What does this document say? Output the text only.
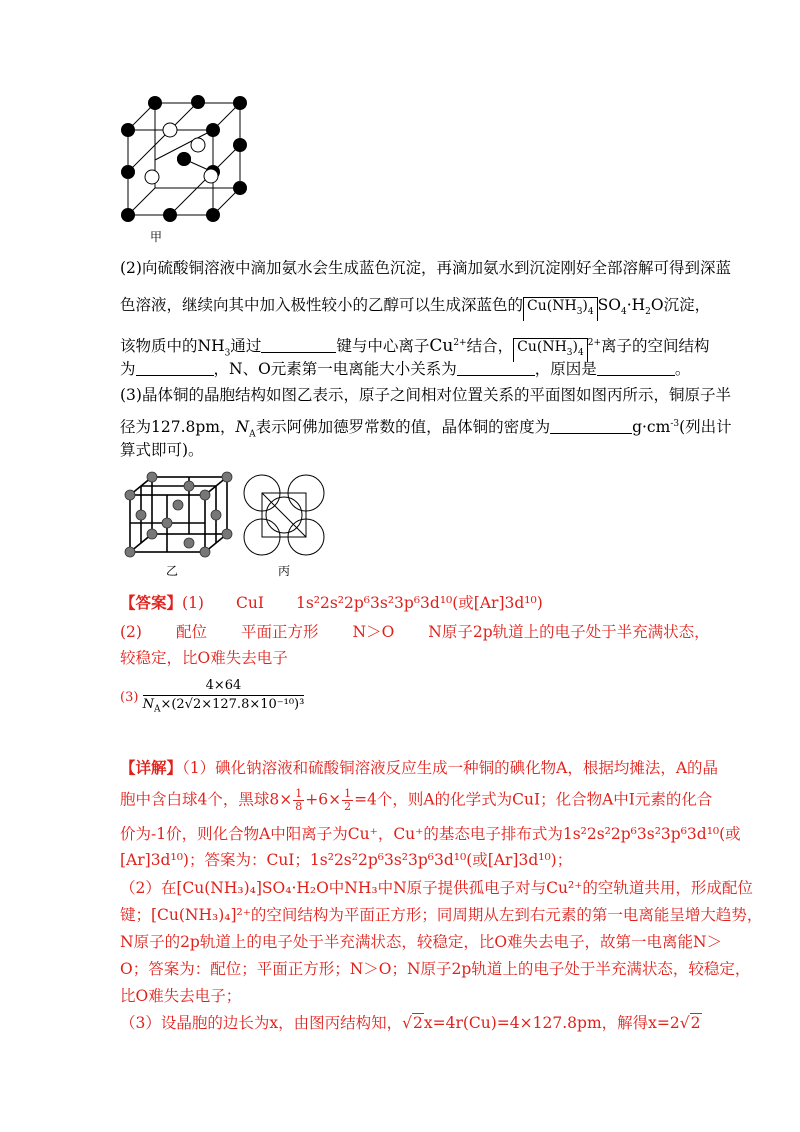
甲
(2)向硫酸铜溶液中滴加氨水会生成蓝色沉淀，再滴加氨水到沉淀刚好全部溶解可得到深蓝
色溶液，继续向其中加入极性较小的乙醇可以生成深蓝色的 $Cu(NH_3)_4$ $SO_4\cdot H_2O$沉淀，
该物质中的$NH_3$通过	键与中心离子$Cu^{2+}$结合， $Cu(NH_3)_4^{2+}$离子的空间结构
为	，N、O元素第一电离能大小关系为	，原因是	。
(3)晶体铜的晶胞结构如图乙表示，原子之间相对位置关系的平面图如图丙所示，铜原子半
径为127.8pm，$N_A$表示阿佛加德罗常数的值，晶体铜的密度为	$g\cdot cm^{-3}$(列出计
算式即可)。
乙	丙
【答案】(1) CuI 1s²2s²2p⁶3s²3p⁶3d¹⁰(或[Ar]3d¹⁰)
(2) 配位 平面正方形 N＞O N原子2p轨道上的电子处于半充满状态，
较稳定，比O难失去电子
$(3) \frac{4\times 64}{N_A\times(2√2\times 127.8\times 10^{-10})^3}$
【详解】（1）碘化钠溶液和硫酸铜溶液反应生成一种铜的碘化物A，根据均摊法，A的晶
胞中含白球4个，黑球$8\times \frac{1}{8} +6\times \frac{1}{2} =4$个，则A的化学式为CuI；化合物A中I元素的化合
价为-1价，则化合物A中阳离子为Cu⁺，Cu⁺的基态电子排布式为1s²2s²2p⁶3s²3p⁶3d¹⁰(或
[Ar]3d¹⁰)；答案为：CuI；1s²2s²2p⁶3s²3p⁶3d¹⁰(或[Ar]3d¹⁰)；
（2）在[Cu(NH₃)₄]SO₄·H₂O中NH₃中N原子提供孤电子对与Cu²⁺的空轨道共用，形成配位
键；[Cu(NH₃)₄]²⁺的空间结构为平面正方形；同周期从左到右元素的第一电离能呈增大趋势，
N原子的2p轨道上的电子处于半充满状态，较稳定，比O难失去电子，故第一电离能N＞
O；答案为：配位；平面正方形；N＞O；N原子2p轨道上的电子处于半充满状态，较稳定，
比O难失去电子；
（3）设晶胞的边长为x，由图丙结构知，√2x=4r(Cu)=4×127.8pm，解得x=2√2
